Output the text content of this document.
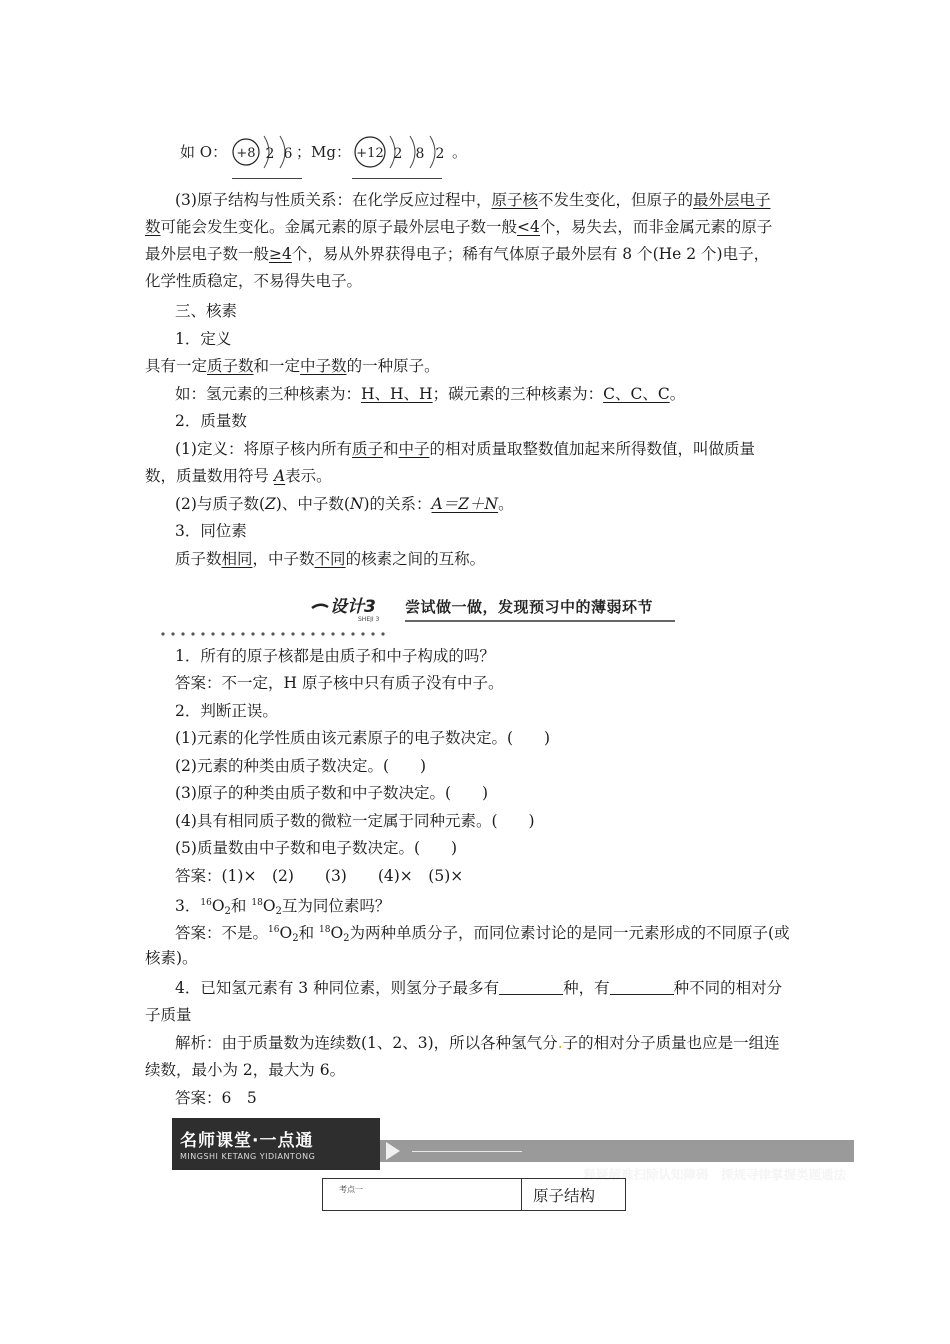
如 O： +8 2 6 ；Mg： +12 2 8 2 。
(3)原子结构与性质关系：在化学反应过程中，原子核不发生变化，但原子的最外层电子
数可能会发生变化。金属元素的原子最外层电子数一般<4个，易失去，而非金属元素的原子
最外层电子数一般≥4个，易从外界获得电子；稀有气体原子最外层有 8 个(He 2 个)电子，
化学性质稳定，不易得失电子。
三、核素
1．定义
具有一定质子数和一定中子数的一种原子。
如：氢元素的三种核素为：H、H、H；碳元素的三种核素为：C、C、C。
2．质量数
(1)定义：将原子核内所有质子和中子的相对质量取整数值加起来所得数值，叫做质量
数，质量数用符号 A表示。
(2)与质子数(Z)、中子数(N)的关系：A＝Z＋N。
3．同位素
质子数相同，中子数不同的核素之间的互称。
设计3
SHEJI 3
尝试做一做，发现预习中的薄弱环节
1．所有的原子核都是由质子和中子构成的吗？
答案：不一定，H 原子核中只有质子没有中子。
2．判断正误。
(1)元素的化学性质由该元素原子的电子数决定。(　　)
(2)元素的种类由质子数决定。(　　)
(3)原子的种类由质子数和中子数决定。(　　)
(4)具有相同质子数的微粒一定属于同种元素。(　　)
(5)质量数由中子数和电子数决定。(　　)
答案：(1)×　(2)　　(3)　　(4)×　(5)×
3．$^{16}O_2$和 $^{18}O_2$互为同位素吗？
答案：不是。$^{16}O_2$和 $^{18}O_2$为两种单质分子，而同位素讨论的是同一元素形成的不同原子(或
核素)。
4．已知氢元素有 3 种同位素，则氢分子最多有	种，有	种不同的相对分
子质量
解析：由于质量数为连续数(1、2、3)，所以各种氢气分.子的相对分子质量也应是一组连
续数，最小为 2，最大为 6。
答案：6　5
名师课堂·一点通
MINGSHI KETANG YIDIANTONG
释疑解难扫除认知障碍　探规寻律掌握类题通法
考点一	原子结构
